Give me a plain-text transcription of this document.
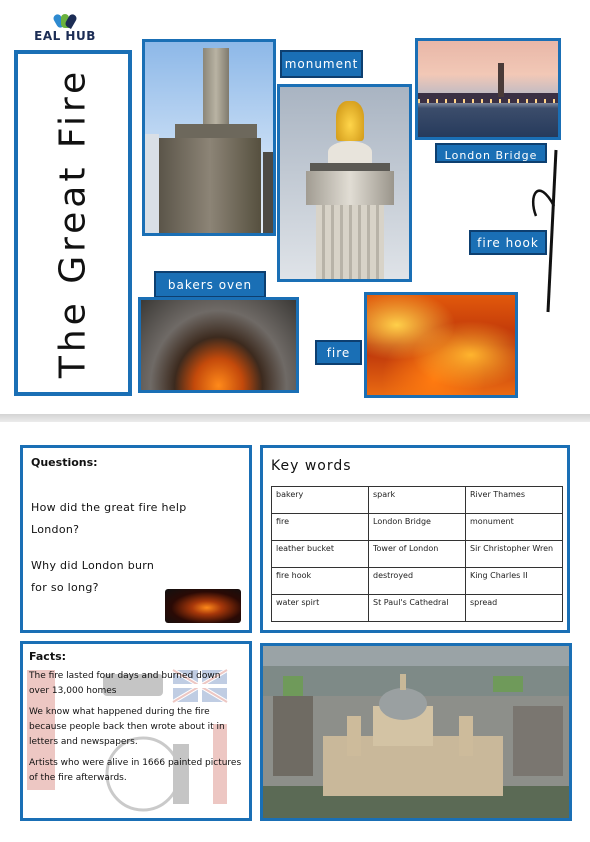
EAL HUB
The Great Fire
monument
London Bridge
fire hook
bakers oven
fire
Questions:
How did the great fire help
London?
Why did London burn
for so long?
Key words
bakery	spark	River Thames
fire	London Bridge	monument
leather bucket	Tower of London	Sir Christopher Wren
fire hook	destroyed	King Charles II
water spirt	St Paul's Cathedral	spread
Facts:
The fire lasted four days and burned down over 13,000 homes
We know what happened during the fire because people back then wrote about it in letters and newspapers.
Artists who were alive in 1666 painted pictures of the fire afterwards.
